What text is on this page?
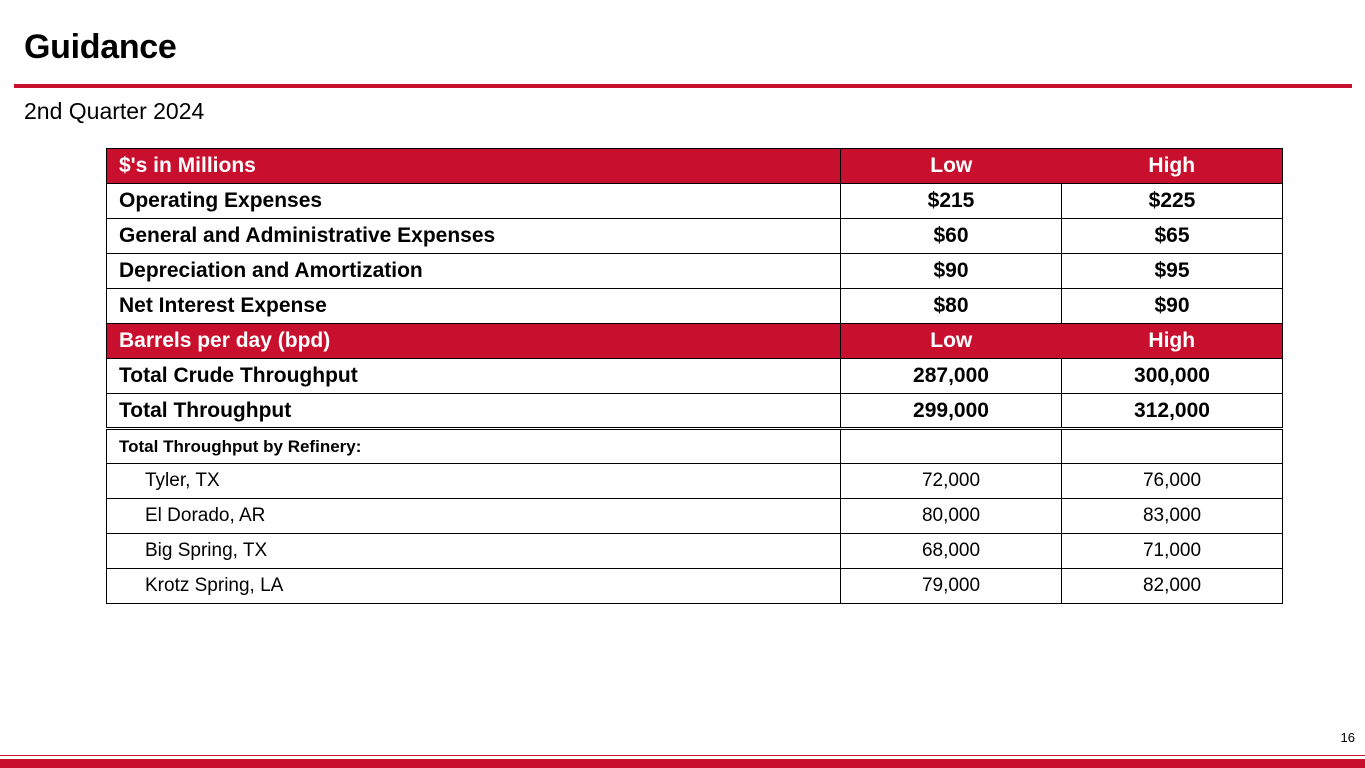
Guidance
2nd Quarter 2024
$'s in Millions	Low	High
Operating Expenses	$215	$225
General and Administrative Expenses	$60	$65
Depreciation and Amortization	$90	$95
Net Interest Expense	$80	$90
Barrels per day (bpd)	Low	High
Total Crude Throughput	287,000	300,000
Total Throughput	299,000	312,000
Total Throughput by Refinery:		
Tyler, TX	72,000	76,000
El Dorado, AR	80,000	83,000
Big Spring, TX	68,000	71,000
Krotz Spring, LA	79,000	82,000
16
